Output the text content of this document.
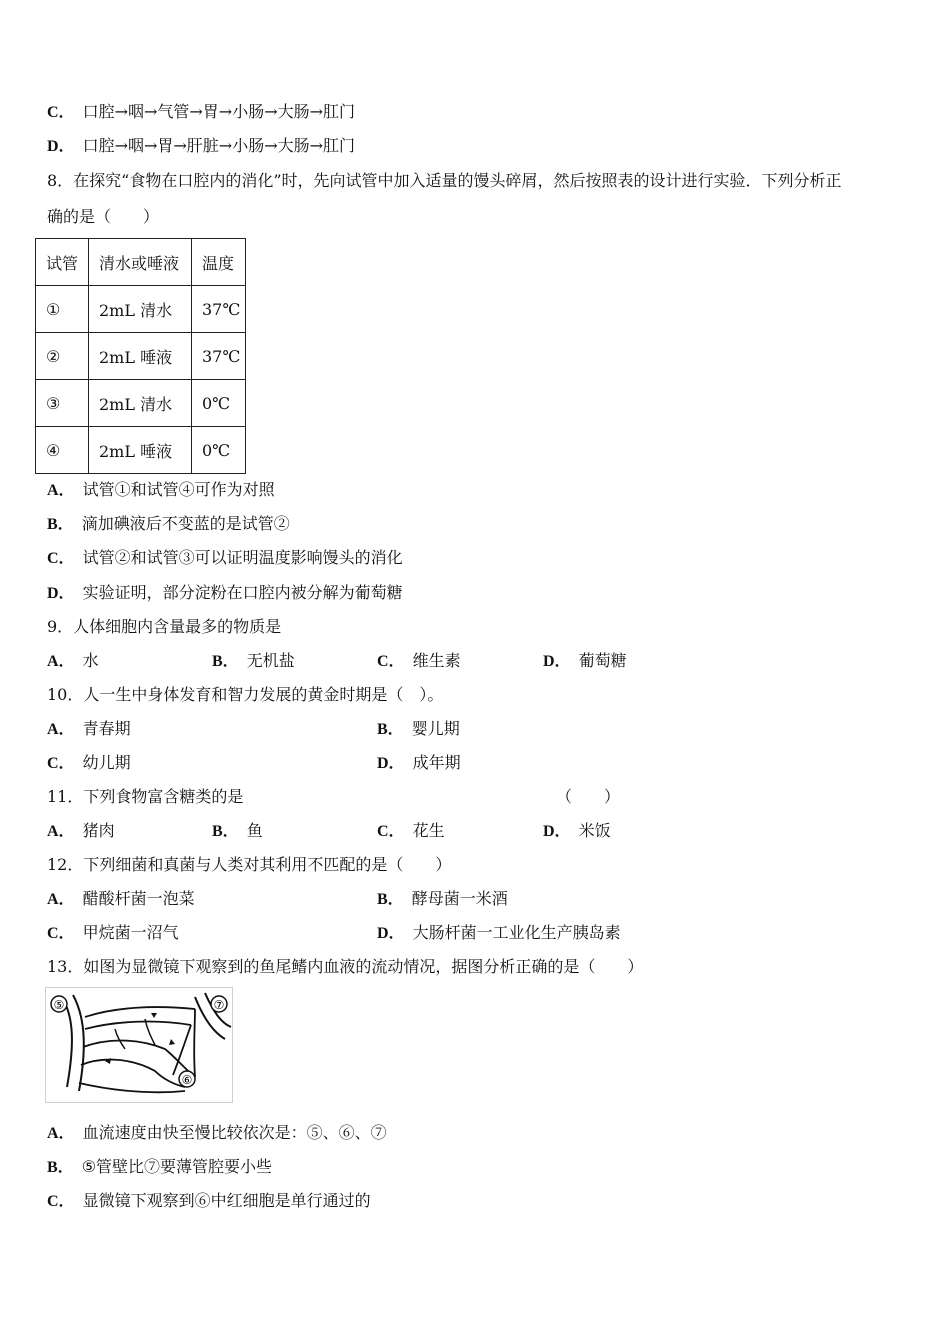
C． 口腔→咽→气管→胃→小肠→大肠→肛门
D． 口腔→咽→胃→肝脏→小肠→大肠→肛门
8．在探究“食物在口腔内的消化”时，先向试管中加入适量的馒头碎屑，然后按照表的设计进行实验．下列分析正
确的是（　　）
试管	清水或唾液	温度
①	2mL 清水	37℃
②	2mL 唾液	37℃
③	2mL 清水	0℃
④	2mL 唾液	0℃
A． 试管①和试管④可作为对照
B． 滴加碘液后不变蓝的是试管②
C． 试管②和试管③可以证明温度影响馒头的消化
D． 实验证明，部分淀粉在口腔内被分解为葡萄糖
9．人体细胞内含量最多的物质是
A． 水	B． 无机盐	C． 维生素	D． 葡萄糖
10．人一生中身体发育和智力发展的黄金时期是（　）。
A． 青春期	B． 婴儿期
C． 幼儿期	D． 成年期
11．下列食物富含糖类的是	（　　）
A． 猪肉	B． 鱼	C． 花生	D． 米饭
12．下列细菌和真菌与人类对其利用不匹配的是（　　）
A． 醋酸杆菌一泡菜	B． 酵母菌一米酒
C． 甲烷菌一沼气	D． 大肠杆菌一工业化生产胰岛素
13．如图为显微镜下观察到的鱼尾鳍内血液的流动情况，据图分析正确的是（　　）
⑤	⑦
⑥
A． 血流速度由快至慢比较依次是：⑤、⑥、⑦
B． ⑤管壁比⑦要薄管腔要小些
C． 显微镜下观察到⑥中红细胞是单行通过的
